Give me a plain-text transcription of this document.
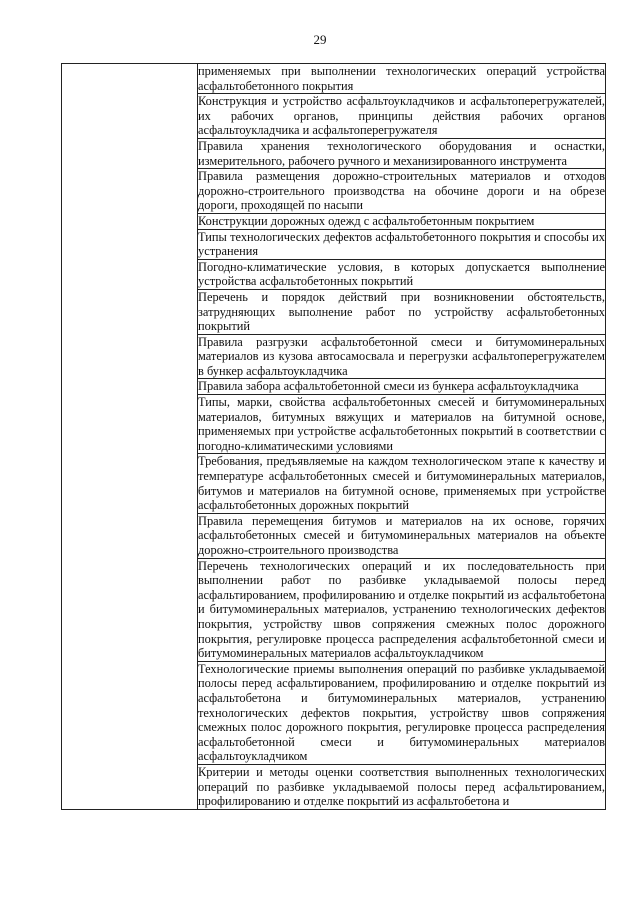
29
	применяемых при выполнении технологических операций устройства асфальтобетонного покрытия
Конструкция и устройство асфальтоукладчиков и асфальтоперегружателей, их рабочих органов, принципы действия рабочих органов асфальтоукладчика и асфальтоперегружателя
Правила хранения технологического оборудования и оснастки, измерительного, рабочего ручного и механизированного инструмента
Правила размещения дорожно-строительных материалов и отходов дорожно-строительного производства на обочине дороги и на обрезе дороги, проходящей по насыпи
Конструкции дорожных одежд с асфальтобетонным покрытием
Типы технологических дефектов асфальтобетонного покрытия и способы их устранения
Погодно-климатические условия, в которых допускается выполнение устройства асфальтобетонных покрытий
Перечень и порядок действий при возникновении обстоятельств, затрудняющих выполнение работ по устройству асфальтобетонных покрытий
Правила разгрузки асфальтобетонной смеси и битумоминеральных материалов из кузова автосамосвала и перегрузки асфальтоперегружателем в бункер асфальтоукладчика
Правила забора асфальтобетонной смеси из бункера асфальтоукладчика
Типы, марки, свойства асфальтобетонных смесей и битумоминеральных материалов, битумных вяжущих и материалов на битумной основе, применяемых при устройстве асфальтобетонных покрытий в соответствии с погодно-климатическими условиями
Требования, предъявляемые на каждом технологическом этапе к качеству и температуре асфальтобетонных смесей и битумоминеральных материалов, битумов и материалов на битумной основе, применяемых при устройстве асфальтобетонных дорожных покрытий
Правила перемещения битумов и материалов на их основе, горячих асфальтобетонных смесей и битумоминеральных материалов на объекте дорожно-строительного производства
Перечень технологических операций и их последовательность при выполнении работ по разбивке укладываемой полосы перед асфальтированием, профилированию и отделке покрытий из асфальтобетона и битумоминеральных материалов, устранению технологических дефектов покрытия, устройству швов сопряжения смежных полос дорожного покрытия, регулировке процесса распределения асфальтобетонной смеси и битумоминеральных материалов асфальтоукладчиком
Технологические приемы выполнения операций по разбивке укладываемой полосы перед асфальтированием, профилированию и отделке покрытий из асфальтобетона и битумоминеральных материалов, устранению технологических дефектов покрытия, устройству швов сопряжения смежных полос дорожного покрытия, регулировке процесса распределения асфальтобетонной смеси и битумоминеральных материалов асфальтоукладчиком
Критерии и методы оценки соответствия выполненных технологических операций по разбивке укладываемой полосы перед асфальтированием, профилированию и отделке покрытий из асфальтобетона и
